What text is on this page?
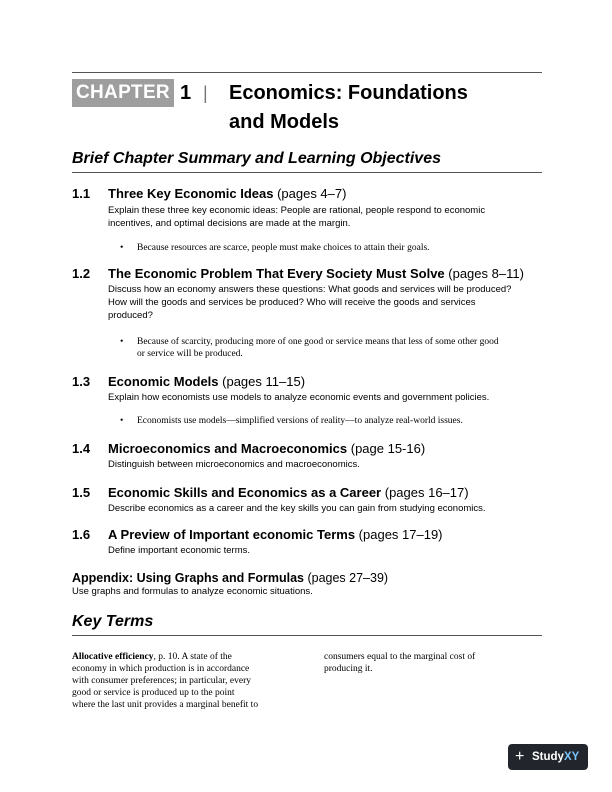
CHAPTER 1 | Economics: Foundations
and Models
Brief Chapter Summary and Learning Objectives
1.1 Three Key Economic Ideas (pages 4–7)
Explain these three key economic ideas: People are rational, people respond to economic
incentives, and optimal decisions are made at the margin.
• Because resources are scarce, people must make choices to attain their goals.
1.2 The Economic Problem That Every Society Must Solve (pages 8–11)
Discuss how an economy answers these questions: What goods and services will be produced?
How will the goods and services be produced? Who will receive the goods and services
produced?
• Because of scarcity, producing more of one good or service means that less of some other good
or service will be produced.
1.3 Economic Models (pages 11–15)
Explain how economists use models to analyze economic events and government policies.
• Economists use models—simplified versions of reality—to analyze real-world issues.
1.4 Microeconomics and Macroeconomics (page 15-16)
Distinguish between microeconomics and macroeconomics.
1.5 Economic Skills and Economics as a Career (pages 16–17)
Describe economics as a career and the key skills you can gain from studying economics.
1.6 A Preview of Important economic Terms (pages 17–19)
Define important economic terms.
Appendix: Using Graphs and Formulas (pages 27–39)
Use graphs and formulas to analyze economic situations.
Key Terms
Allocative efficiency, p. 10. A state of the
economy in which production is in accordance
with consumer preferences; in particular, every
good or service is produced up to the point
where the last unit provides a marginal benefit to
consumers equal to the marginal cost of
producing it.
+ StudyXY
